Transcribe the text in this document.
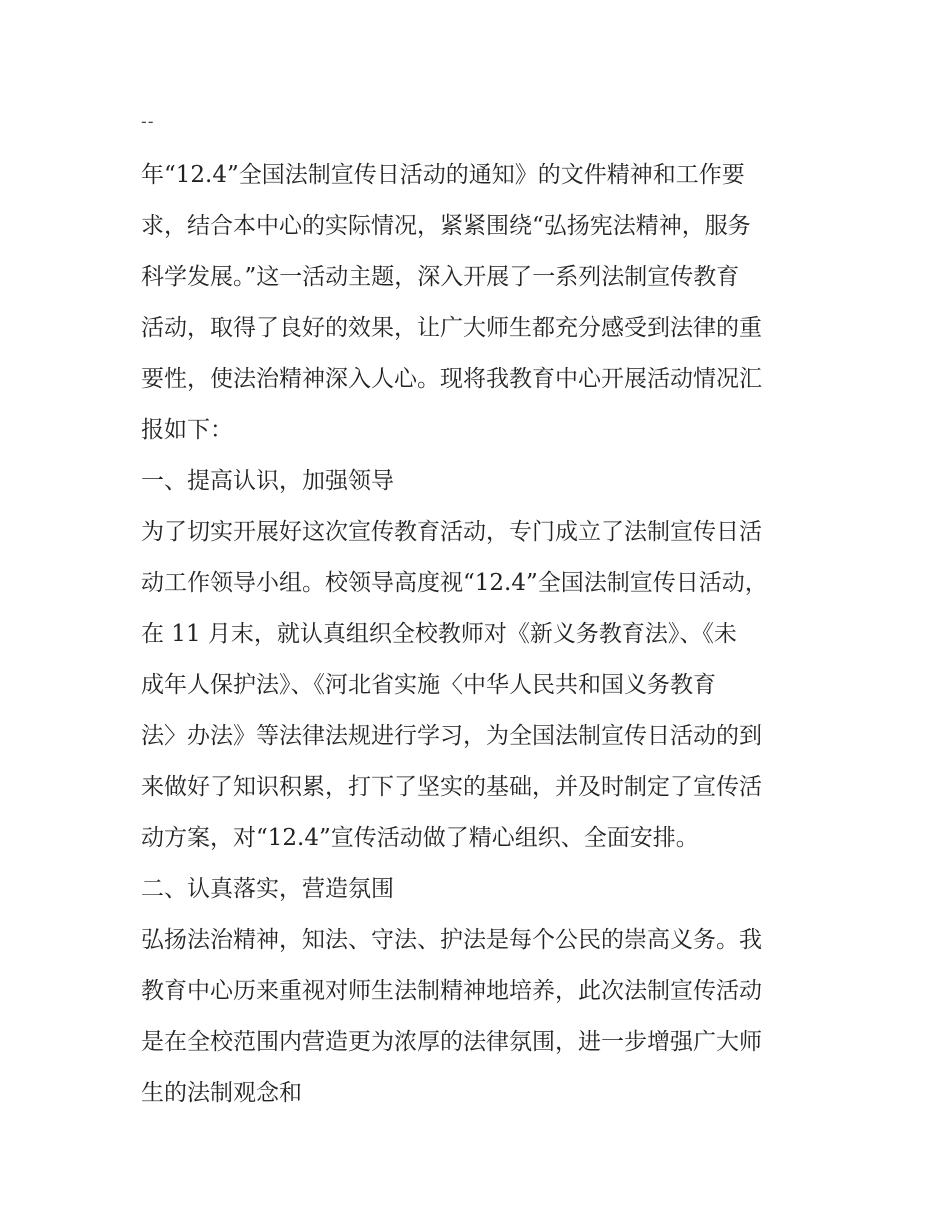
--
年“12.4”全国法制宣传日活动的通知》的文件精神和工作要
求，结合本中心的实际情况，紧紧围绕“弘扬宪法精神，服务
科学发展。”这一活动主题，深入开展了一系列法制宣传教育
活动，取得了良好的效果，让广大师生都充分感受到法律的重
要性，使法治精神深入人心。现将我教育中心开展活动情况汇
报如下：
一、提高认识，加强领导
为了切实开展好这次宣传教育活动，专门成立了法制宣传日活
动工作领导小组。校领导高度视“12.4”全国法制宣传日活动，
在 11 月末，就认真组织全校教师对《新义务教育法》、《未
成年人保护法》、《河北省实施〈中华人民共和国义务教育
法〉办法》等法律法规进行学习，为全国法制宣传日活动的到
来做好了知识积累，打下了坚实的基础，并及时制定了宣传活
动方案，对“12.4”宣传活动做了精心组织、全面安排。
二、认真落实，营造氛围
弘扬法治精神，知法、守法、护法是每个公民的崇高义务。我
教育中心历来重视对师生法制精神地培养，此次法制宣传活动
是在全校范围内营造更为浓厚的法律氛围，进一步增强广大师
生的法制观念和
